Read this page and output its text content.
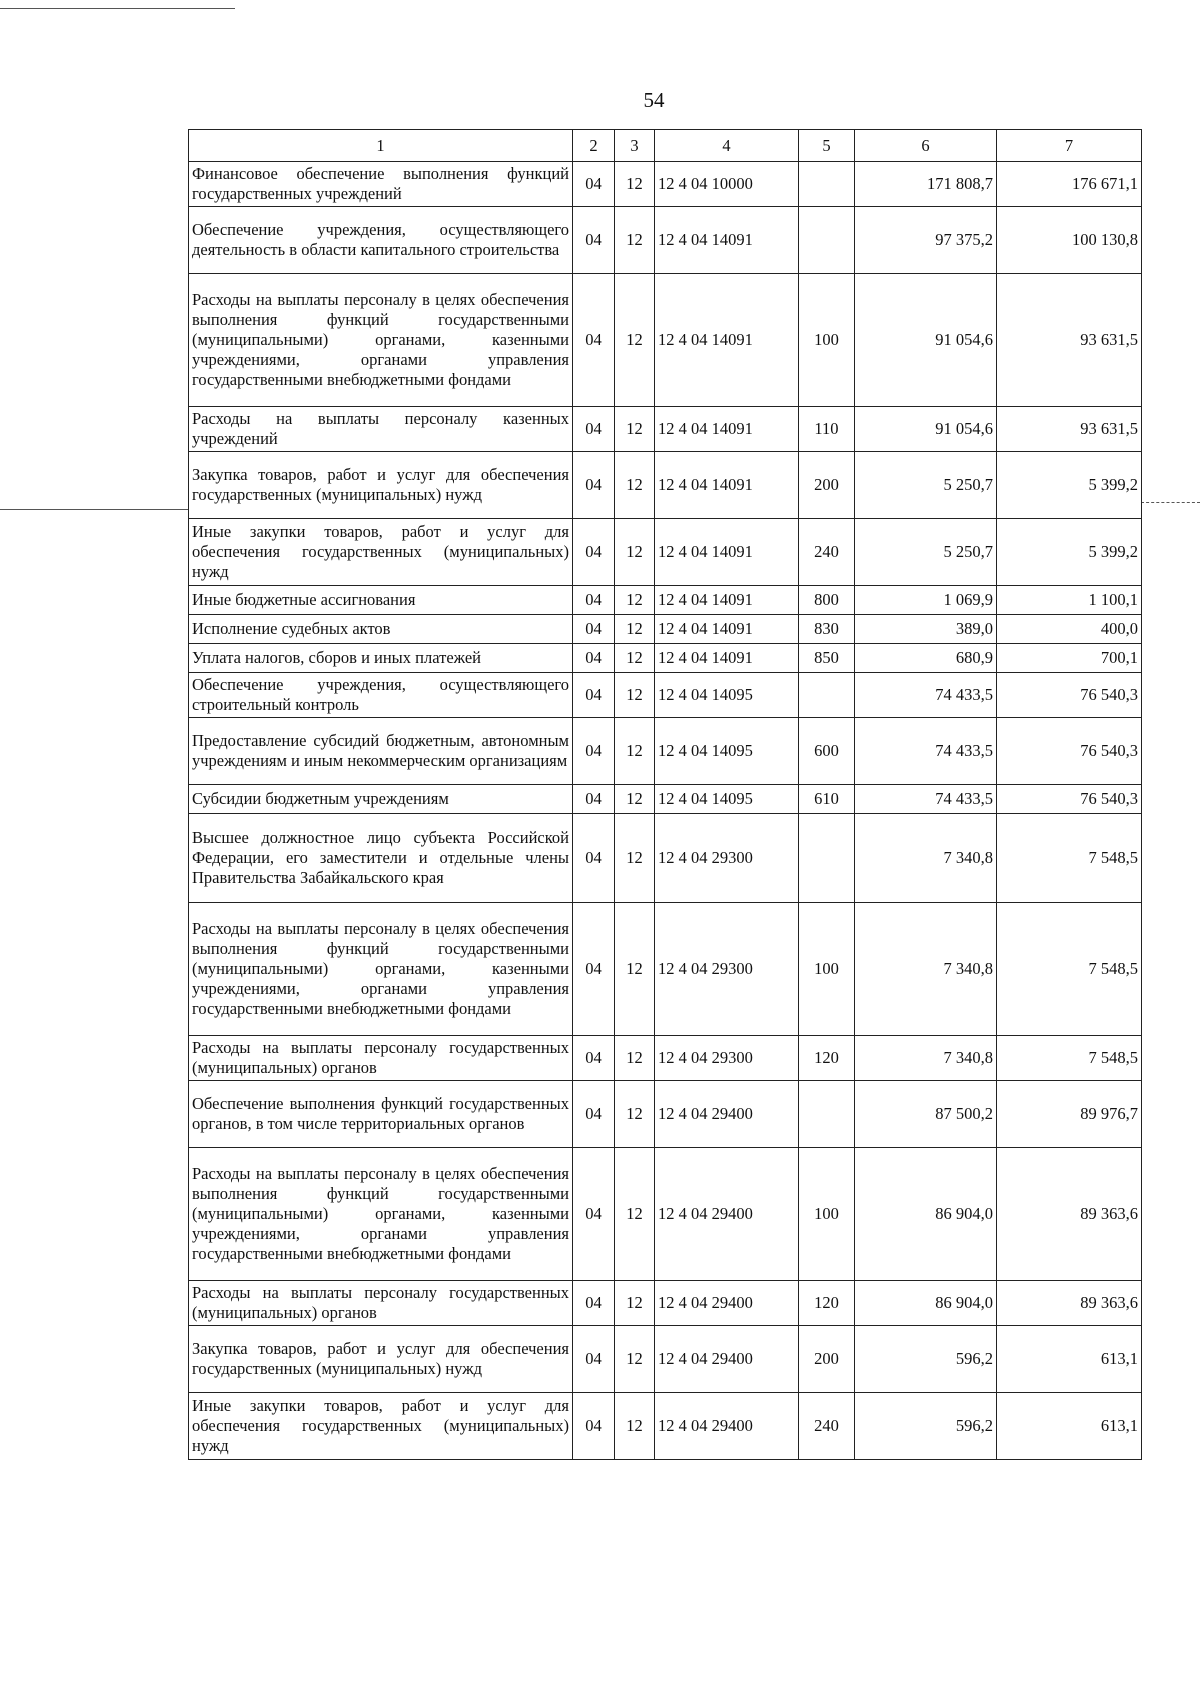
54
1	2	3	4	5	6	7
Финансовое обеспечение выполнения функций государственных учреждений	04	12	12 4 04 10000		171 808,7	176 671,1
Обеспечение учреждения, осуществляющего деятельность в области капитального строительства	04	12	12 4 04 14091		97 375,2	100 130,8
Расходы на выплаты персоналу в целях обеспечения выполнения функций государственными (муниципальными) органами, казенными учреждениями, органами управления государственными внебюджетными фондами	04	12	12 4 04 14091	100	91 054,6	93 631,5
Расходы на выплаты персоналу казенных учреждений	04	12	12 4 04 14091	110	91 054,6	93 631,5
Закупка товаров, работ и услуг для обеспечения государственных (муниципальных) нужд	04	12	12 4 04 14091	200	5 250,7	5 399,2
Иные закупки товаров, работ и услуг для обеспечения государственных (муниципальных) нужд	04	12	12 4 04 14091	240	5 250,7	5 399,2
Иные бюджетные ассигнования	04	12	12 4 04 14091	800	1 069,9	1 100,1
Исполнение судебных актов	04	12	12 4 04 14091	830	389,0	400,0
Уплата налогов, сборов и иных платежей	04	12	12 4 04 14091	850	680,9	700,1
Обеспечение учреждения, осуществляющего строительный контроль	04	12	12 4 04 14095		74 433,5	76 540,3
Предоставление субсидий бюджетным, автономным учреждениям и иным некоммерческим организациям	04	12	12 4 04 14095	600	74 433,5	76 540,3
Субсидии бюджетным учреждениям	04	12	12 4 04 14095	610	74 433,5	76 540,3
Высшее должностное лицо субъекта Российской Федерации, его заместители и отдельные члены Правительства Забайкальского края	04	12	12 4 04 29300		7 340,8	7 548,5
Расходы на выплаты персоналу в целях обеспечения выполнения функций государственными (муниципальными) органами, казенными учреждениями, органами управления государственными внебюджетными фондами	04	12	12 4 04 29300	100	7 340,8	7 548,5
Расходы на выплаты персоналу государственных (муниципальных) органов	04	12	12 4 04 29300	120	7 340,8	7 548,5
Обеспечение выполнения функций государственных органов, в том числе территориальных органов	04	12	12 4 04 29400		87 500,2	89 976,7
Расходы на выплаты персоналу в целях обеспечения выполнения функций государственными (муниципальными) органами, казенными учреждениями, органами управления государственными внебюджетными фондами	04	12	12 4 04 29400	100	86 904,0	89 363,6
Расходы на выплаты персоналу государственных (муниципальных) органов	04	12	12 4 04 29400	120	86 904,0	89 363,6
Закупка товаров, работ и услуг для обеспечения государственных (муниципальных) нужд	04	12	12 4 04 29400	200	596,2	613,1
Иные закупки товаров, работ и услуг для обеспечения государственных (муниципальных) нужд	04	12	12 4 04 29400	240	596,2	613,1
